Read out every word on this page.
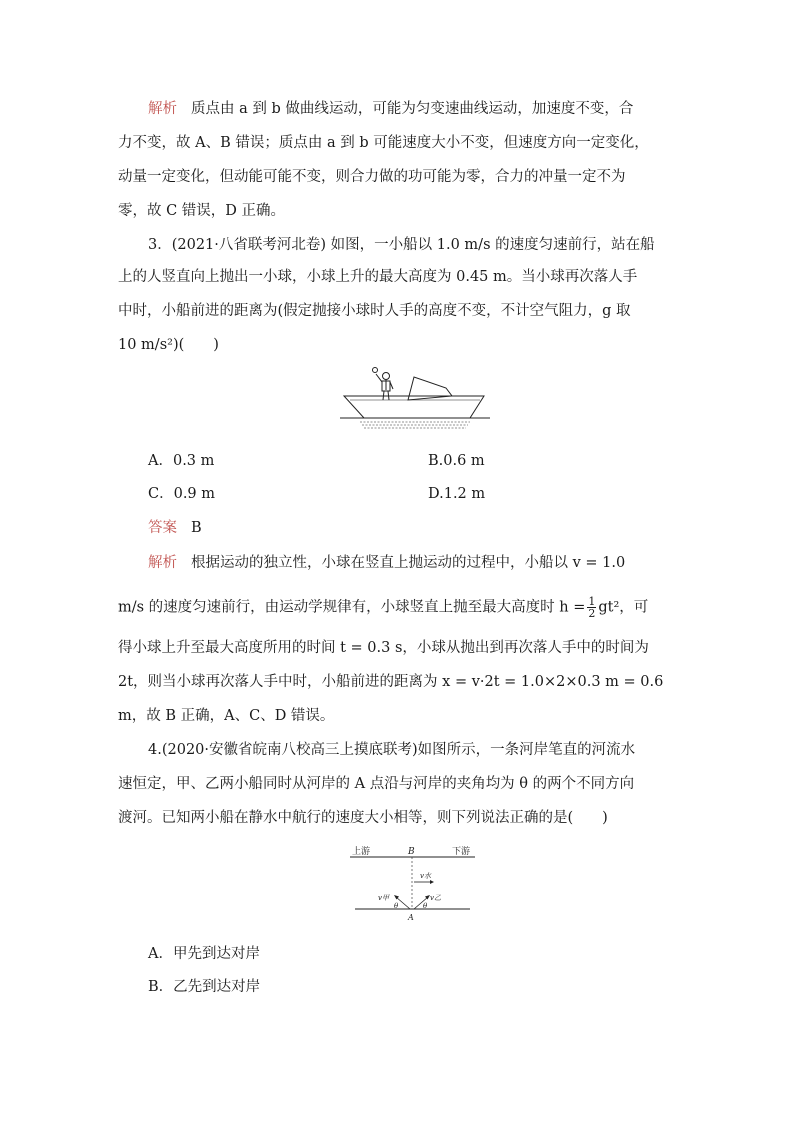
解析 质点由 a 到 b 做曲线运动，可能为匀变速曲线运动，加速度不变，合
力不变，故 A、B 错误；质点由 a 到 b 可能速度大小不变，但速度方向一定变化，
动量一定变化，但动能可能不变，则合力做的功可能为零，合力的冲量一定不为
零，故 C 错误，D 正确。
3．(2021·八省联考河北卷) 如图，一小船以 1.0 m/s 的速度匀速前行，站在船
上的人竖直向上抛出一小球，小球上升的最大高度为 0.45 m。当小球再次落人手
中时，小船前进的距离为(假定抛接小球时人手的高度不变，不计空气阻力，g 取
10 m/s²)(　　)
A．0.3 m	B.0.6 m
C．0.9 m	D.1.2 m
答案 B
解析 根据运动的独立性，小球在竖直上抛运动的过程中，小船以 v = 1.0
m/s 的速度匀速前行，由运动学规律有，小球竖直上抛至最大高度时 $h = \frac{1}{2} gt^2$，可
得小球上升至最大高度所用的时间 t = 0.3 s，小球从抛出到再次落人手中的时间为
2t，则当小球再次落人手中时，小船前进的距离为 x = v·2t = 1.0×2×0.3 m = 0.6
m，故 B 正确，A、C、D 错误。
4.(2020·安徽省皖南八校高三上摸底联考)如图所示，一条河岸笔直的河流水
速恒定，甲、乙两小船同时从河岸的 A 点沿与河岸的夹角均为 θ 的两个不同方向
渡河。已知两小船在静水中航行的速度大小相等，则下列说法正确的是(　　)
上游	B	下游
v水
v甲	v乙
θ	θ
A
A．甲先到达对岸
B．乙先到达对岸
